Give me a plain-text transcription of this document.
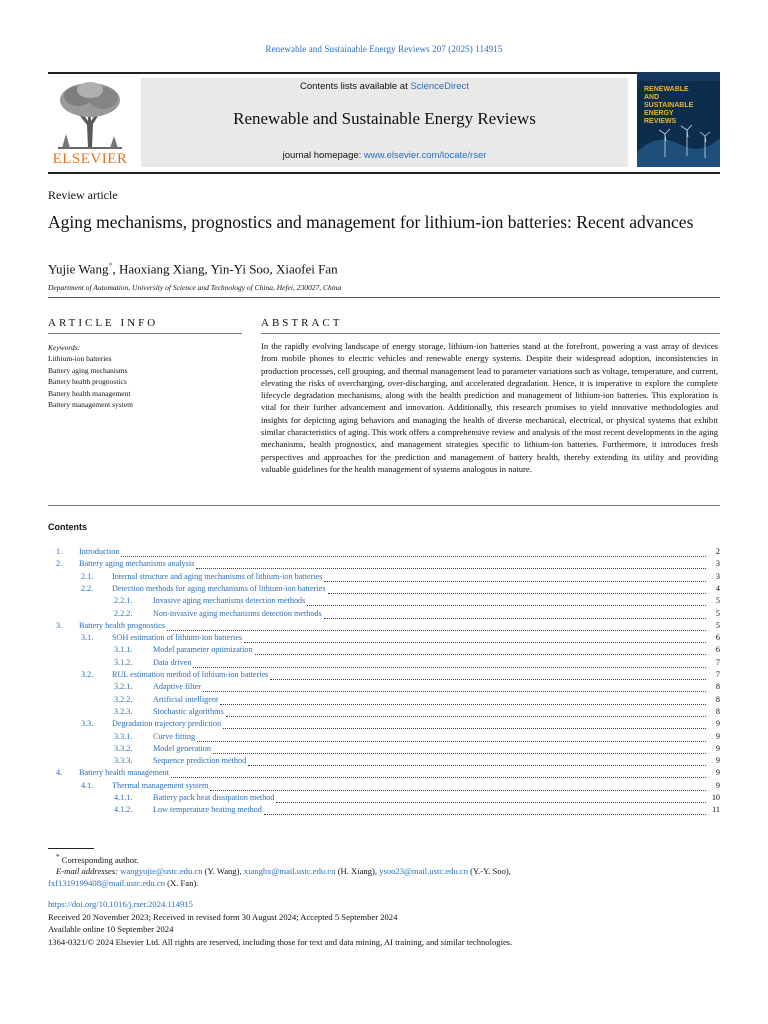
Renewable and Sustainable Energy Reviews 207 (2025) 114915
ELSEVIER
Contents lists available at ScienceDirect
Renewable and Sustainable Energy Reviews
journal homepage: www.elsevier.com/locate/rser
RENEWABLE
AND
SUSTAINABLE
ENERGY
REVIEWS
Review article
Aging mechanisms, prognostics and management for lithium-ion batteries: Recent advances
Yujie Wang*, Haoxiang Xiang, Yin-Yi Soo, Xiaofei Fan
Department of Automation, University of Science and Technology of China, Hefei, 230027, China
ARTICLE INFO
Keywords:
Lithium-ion batteries
Battery aging mechanisms
Battery health prognostics
Battery health management
Battery management system
ABSTRACT
In the rapidly evolving landscape of energy storage, lithium-ion batteries stand at the forefront, powering a vast array of devices from mobile phones to electric vehicles and renewable energy systems. Despite their widespread adoption, inconsistencies in production processes, cell grouping, and thermal management lead to parameter variations such as voltage, temperature, and current, elevating the risks of overcharging, over-discharging, and accelerated degradation. Hence, it is imperative to explore the complete lifecycle degradation mechanisms, along with the health prediction and management of lithium-ion batteries. This exploration is vital for their further advancement and innovation. Additionally, this research promises to yield innovative methodologies and insights for depicting aging behaviors and managing the health of diverse mechanical, electrical, or physical systems that exhibit similar characteristics of aging. This work offers a comprehensive review and analysis of the most recent developments in the aging mechanisms, health prognostics, and management strategies specific to lithium-ion batteries. Furthermore, it introduces fresh perspectives and approaches for the prediction and management of battery health, thereby extending its utility and providing valuable guidelines for the health management of systems analogous in nature.
Contents
1. Introduction	2
2. Battery aging mechanisms analysis	3
2.1. Internal structure and aging mechanisms of lithium-ion batteries	3
2.2. Detection methods for aging mechanisms of lithium-ion batteries	4
2.2.1.	Invasive aging mechanisms detection methods	5
2.2.2.	Non-invasive aging mechanisms detection methods	5
3. Battery health prognostics	5
3.1. SOH estimation of lithium-ion batteries	6
3.1.1.	Model parameter optimization	6
3.1.2.	Data driven	7
3.2. RUL estimation method of lithium-ion batteries	7
3.2.1.	Adaptive filter	8
3.2.2.	Artificial intelligent	8
3.2.3.	Stochastic algorithms	8
3.3. Degradation trajectory prediction	9
3.3.1.	Curve fitting	9
3.3.2.	Model generation	9
3.3.3.	Sequence prediction method	9
4. Battery health management	9
4.1. Thermal management system	9
4.1.1.	Battery pack heat dissipation method	10
4.1.2.	Low temperature heating method	11
* Corresponding author.
E-mail addresses: wangyujie@ustc.edu.cn (Y. Wang), xianghx@mail.ustc.edu.cn (H. Xiang), ysoo23@mail.ustc.edu.cn (Y.-Y. Soo),
fxf1319199408@mail.ustc.edu.cn (X. Fan).
https://doi.org/10.1016/j.rser.2024.114915
Received 20 November 2023; Received in revised form 30 August 2024; Accepted 5 September 2024
Available online 10 September 2024
1364-0321/© 2024 Elsevier Ltd. All rights are reserved, including those for text and data mining, AI training, and similar technologies.
